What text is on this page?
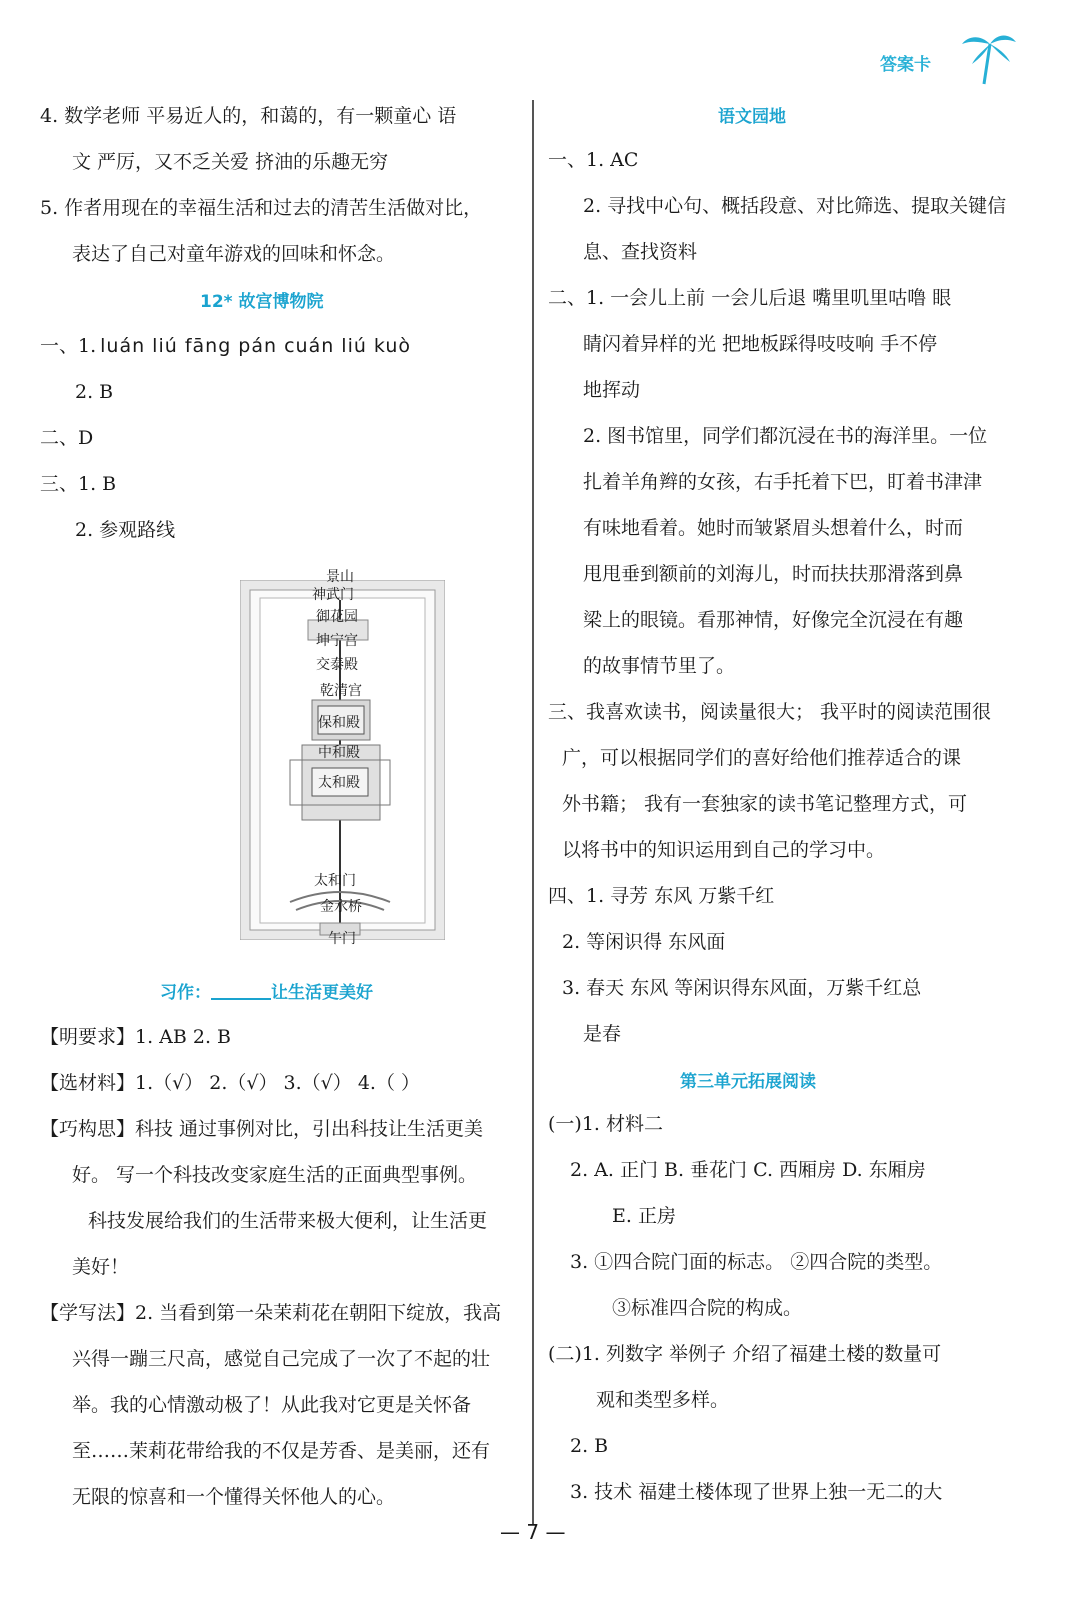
答案卡
4. 数学老师 平易近人的，和蔼的，有一颗童心 语
文 严厉，又不乏关爱 挤油的乐趣无穷
5. 作者用现在的幸福生活和过去的清苦生活做对比，
表达了自己对童年游戏的回味和怀念。
12* 故宫博物院
一、1. luán liú fāng pán cuán liú kuò
2. B
二、D
三、1. B
2. 参观路线
景山
神武门
御花园
坤宁宫
交泰殿
乾清宫
保和殿
中和殿
太和殿
太和门
金水桥
午门
习作：	让生活更美好
【明要求】1. AB 2. B
【选材料】1.（√） 2.（√） 3.（√） 4.（ ）
【巧构思】科技 通过事例对比，引出科技让生活更美
好。 写一个科技改变家庭生活的正面典型事例。
科技发展给我们的生活带来极大便利，让生活更
美好！
【学写法】2. 当看到第一朵茉莉花在朝阳下绽放，我高
兴得一蹦三尺高，感觉自己完成了一次了不起的壮
举。我的心情激动极了！从此我对它更是关怀备
至……茉莉花带给我的不仅是芳香、是美丽，还有
无限的惊喜和一个懂得关怀他人的心。
语文园地
一、1. AC
2. 寻找中心句、概括段意、对比筛选、提取关键信
息、查找资料
二、1. 一会儿上前 一会儿后退 嘴里叽里咕噜 眼
睛闪着异样的光 把地板踩得吱吱响 手不停
地挥动
2. 图书馆里，同学们都沉浸在书的海洋里。一位
扎着羊角辫的女孩，右手托着下巴，盯着书津津
有味地看着。她时而皱紧眉头想着什么，时而
甩甩垂到额前的刘海儿，时而扶扶那滑落到鼻
梁上的眼镜。看那神情，好像完全沉浸在有趣
的故事情节里了。
三、我喜欢读书，阅读量很大； 我平时的阅读范围很
广，可以根据同学们的喜好给他们推荐适合的课
外书籍； 我有一套独家的读书笔记整理方式，可
以将书中的知识运用到自己的学习中。
四、1. 寻芳 东风 万紫千红
2. 等闲识得 东风面
3. 春天 东风 等闲识得东风面，万紫千红总
是春
第三单元拓展阅读
(一)1. 材料二
2. A. 正门 B. 垂花门 C. 西厢房 D. 东厢房
E. 正房
3. ①四合院门面的标志。 ②四合院的类型。
③标准四合院的构成。
(二)1. 列数字 举例子 介绍了福建土楼的数量可
观和类型多样。
2. B
3. 技术 福建土楼体现了世界上独一无二的大
— 7 —
